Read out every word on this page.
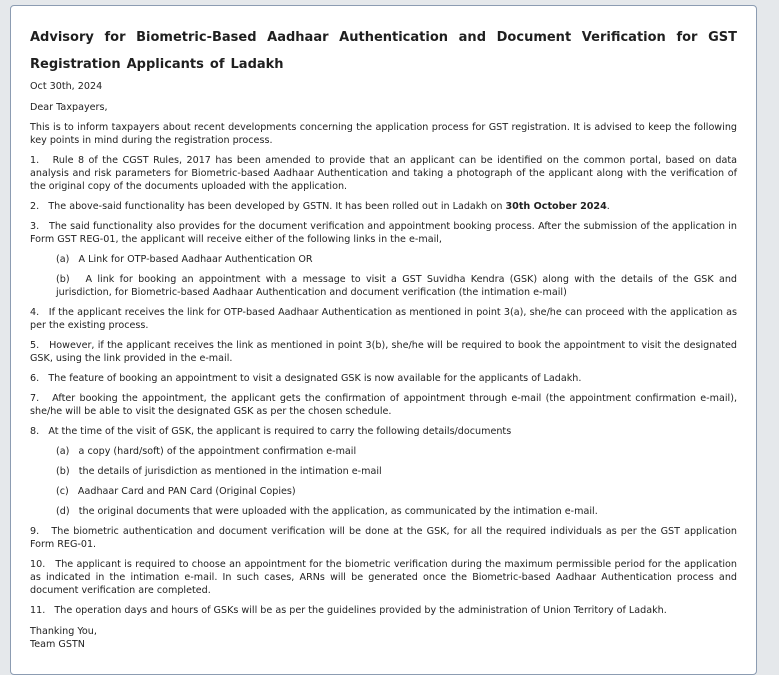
Advisory for Biometric-Based Aadhaar Authentication and Document Verification for GST Registration Applicants of Ladakh
Oct 30th, 2024
Dear Taxpayers,

This is to inform taxpayers about recent developments concerning the application process for GST registration. It is advised to keep the following key points in mind during the registration process.

1. Rule 8 of the CGST Rules, 2017 has been amended to provide that an applicant can be identified on the common portal, based on data analysis and risk parameters for Biometric-based Aadhaar Authentication and taking a photograph of the applicant along with the verification of the original copy of the documents uploaded with the application.

2. The above-said functionality has been developed by GSTN. It has been rolled out in Ladakh on 30th October 2024.

3. The said functionality also provides for the document verification and appointment booking process. After the submission of the application in Form GST REG-01, the applicant will receive either of the following links in the e-mail,

(a) A Link for OTP-based Aadhaar Authentication OR

(b) A link for booking an appointment with a message to visit a GST Suvidha Kendra (GSK) along with the details of the GSK and jurisdiction, for Biometric-based Aadhaar Authentication and document verification (the intimation e-mail)

4. If the applicant receives the link for OTP-based Aadhaar Authentication as mentioned in point 3(a), she/he can proceed with the application as per the existing process.

5. However, if the applicant receives the link as mentioned in point 3(b), she/he will be required to book the appointment to visit the designated GSK, using the link provided in the e-mail.

6. The feature of booking an appointment to visit a designated GSK is now available for the applicants of Ladakh.

7. After booking the appointment, the applicant gets the confirmation of appointment through e-mail (the appointment confirmation e-mail), she/he will be able to visit the designated GSK as per the chosen schedule.

8. At the time of the visit of GSK, the applicant is required to carry the following details/documents

(a) a copy (hard/soft) of the appointment confirmation e-mail

(b) the details of jurisdiction as mentioned in the intimation e-mail

(c) Aadhaar Card and PAN Card (Original Copies)

(d) the original documents that were uploaded with the application, as communicated by the intimation e-mail.

9. The biometric authentication and document verification will be done at the GSK, for all the required individuals as per the GST application Form REG-01.

10. The applicant is required to choose an appointment for the biometric verification during the maximum permissible period for the application as indicated in the intimation e-mail. In such cases, ARNs will be generated once the Biometric-based Aadhaar Authentication process and document verification are completed.

11. The operation days and hours of GSKs will be as per the guidelines provided by the administration of Union Territory of Ladakh.

Thanking You,
Team GSTN
